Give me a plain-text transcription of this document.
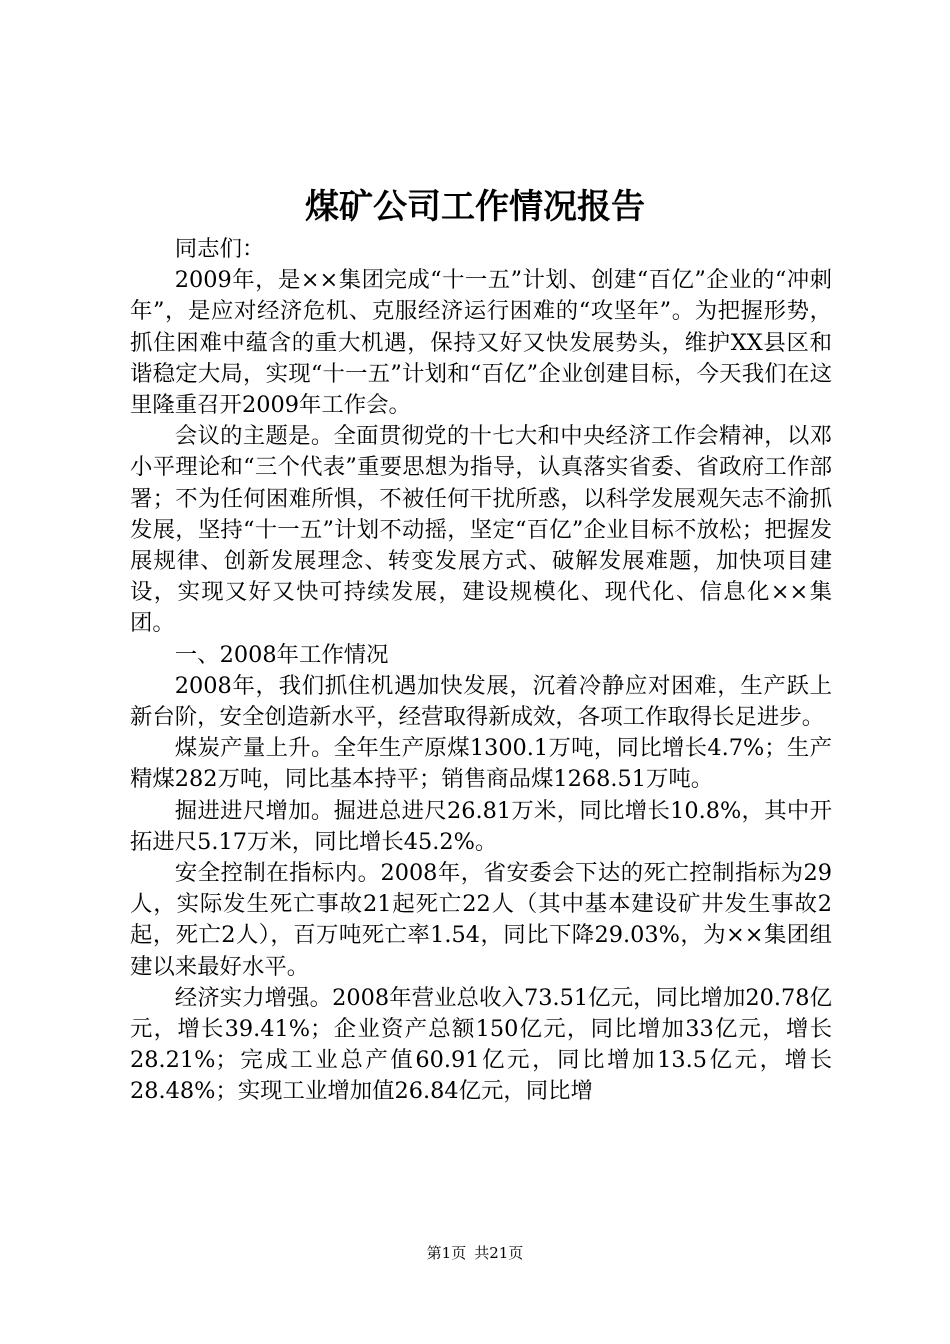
煤矿公司工作情况报告

同志们：

2009年，是××集团完成“十一五”计划、创建“百亿”企业的“冲刺年”，是应对经济危机、克服经济运行困难的“攻坚年”。为把握形势，抓住困难中蕴含的重大机遇，保持又好又快发展势头，维护XX县区和谐稳定大局，实现“十一五”计划和“百亿”企业创建目标，今天我们在这里隆重召开2009年工作会。

会议的主题是。全面贯彻党的十七大和中央经济工作会精神，以邓小平理论和“三个代表”重要思想为指导，认真落实省委、省政府工作部署；不为任何困难所惧，不被任何干扰所惑，以科学发展观矢志不渝抓发展，坚持“十一五”计划不动摇，坚定“百亿”企业目标不放松；把握发展规律、创新发展理念、转变发展方式、破解发展难题，加快项目建设，实现又好又快可持续发展，建设规模化、现代化、信息化××集团。

一、2008年工作情况

2008年，我们抓住机遇加快发展，沉着冷静应对困难，生产跃上新台阶，安全创造新水平，经营取得新成效，各项工作取得长足进步。

煤炭产量上升。全年生产原煤1300.1万吨，同比增长4.7%；生产精煤282万吨，同比基本持平；销售商品煤1268.51万吨。

掘进进尺增加。掘进总进尺26.81万米，同比增长10.8%，其中开拓进尺5.17万米，同比增长45.2%。

安全控制在指标内。2008年，省安委会下达的死亡控制指标为29人，实际发生死亡事故21起死亡22人（其中基本建设矿井发生事故2起，死亡2人），百万吨死亡率1.54，同比下降29.03%，为××集团组建以来最好水平。

经济实力增强。2008年营业总收入73.51亿元，同比增加20.78亿元，增长39.41%；企业资产总额150亿元，同比增加33亿元，增长28.21%；完成工业总产值60.91亿元，同比增加13.5亿元，增长28.48%；实现工业增加值26.84亿元，同比增

第1页 共21页
